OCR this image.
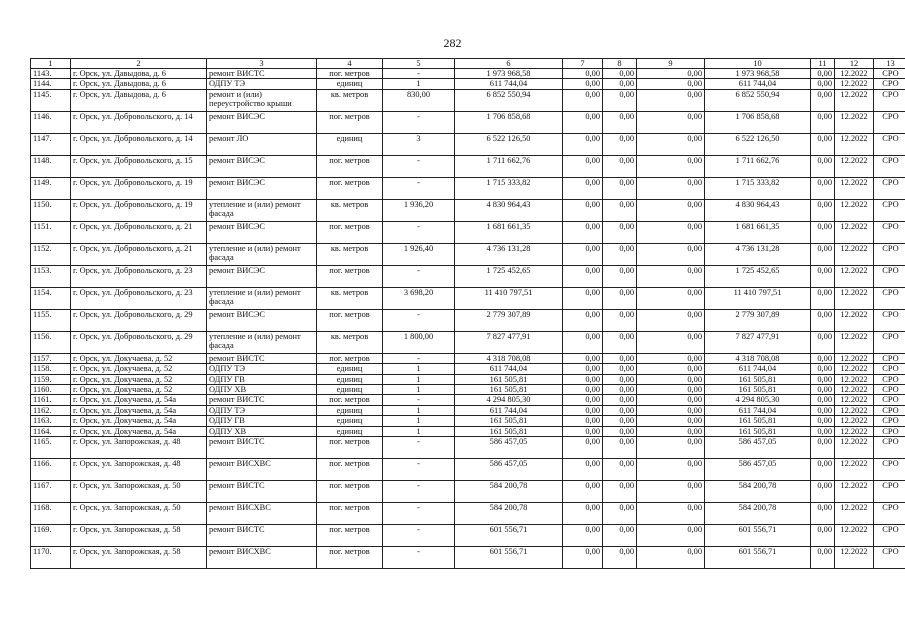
282
1	2	3	4	5	6	7	8	9	10	11	12	13
1143.	г. Орск, ул. Давыдова, д. 6	ремонт ВИСТС	пог. метров	-	1 973 968,58	0,00	0,00	0,00	1 973 968,58	0,00	12.2022	СРО
1144.	г. Орск, ул. Давыдова, д. 6	ОДПУ ТЭ	единиц	1	611 744,04	0,00	0,00	0,00	611 744,04	0,00	12.2022	СРО
1145.	г. Орск, ул. Давыдова, д. 6	ремонт и (или) переустройство крыши	кв. метров	830,00	6 852 550,94	0,00	0,00	0,00	6 852 550,94	0,00	12.2022	СРО
1146.	г. Орск, ул. Добровольского, д. 14	ремонт ВИСЭС	пог. метров	-	1 706 858,68	0,00	0,00	0,00	1 706 858,68	0,00	12.2022	СРО
1147.	г. Орск, ул. Добровольского, д. 14	ремонт ЛО	единиц	3	6 522 126,50	0,00	0,00	0,00	6 522 126,50	0,00	12.2022	СРО
1148.	г. Орск, ул. Добровольского, д. 15	ремонт ВИСЭС	пог. метров	-	1 711 662,76	0,00	0,00	0,00	1 711 662,76	0,00	12.2022	СРО
1149.	г. Орск, ул. Добровольского, д. 19	ремонт ВИСЭС	пог. метров	-	1 715 333,82	0,00	0,00	0,00	1 715 333,82	0,00	12.2022	СРО
1150.	г. Орск, ул. Добровольского, д. 19	утепление и (или) ремонт фасада	кв. метров	1 936,20	4 830 964,43	0,00	0,00	0,00	4 830 964,43	0,00	12.2022	СРО
1151.	г. Орск, ул. Добровольского, д. 21	ремонт ВИСЭС	пог. метров	-	1 681 661,35	0,00	0,00	0,00	1 681 661,35	0,00	12.2022	СРО
1152.	г. Орск, ул. Добровольского, д. 21	утепление и (или) ремонт фасада	кв. метров	1 926,40	4 736 131,28	0,00	0,00	0,00	4 736 131,28	0,00	12.2022	СРО
1153.	г. Орск, ул. Добровольского, д. 23	ремонт ВИСЭС	пог. метров	-	1 725 452,65	0,00	0,00	0,00	1 725 452,65	0,00	12.2022	СРО
1154.	г. Орск, ул. Добровольского, д. 23	утепление и (или) ремонт фасада	кв. метров	3 698,20	11 410 797,51	0,00	0,00	0,00	11 410 797,51	0,00	12.2022	СРО
1155.	г. Орск, ул. Добровольского, д. 29	ремонт ВИСЭС	пог. метров	-	2 779 307,89	0,00	0,00	0,00	2 779 307,89	0,00	12.2022	СРО
1156.	г. Орск, ул. Добровольского, д. 29	утепление и (или) ремонт фасада	кв. метров	1 800,00	7 827 477,91	0,00	0,00	0,00	7 827 477,91	0,00	12.2022	СРО
1157.	г. Орск, ул. Докучаева, д. 52	ремонт ВИСТС	пог. метров	-	4 318 708,08	0,00	0,00	0,00	4 318 708,08	0,00	12.2022	СРО
1158.	г. Орск, ул. Докучаева, д. 52	ОДПУ ТЭ	единиц	1	611 744,04	0,00	0,00	0,00	611 744,04	0,00	12.2022	СРО
1159.	г. Орск, ул. Докучаева, д. 52	ОДПУ ГВ	единиц	1	161 505,81	0,00	0,00	0,00	161 505,81	0,00	12.2022	СРО
1160.	г. Орск, ул. Докучаева, д. 52	ОДПУ ХВ	единиц	1	161 505,81	0,00	0,00	0,00	161 505,81	0,00	12.2022	СРО
1161.	г. Орск, ул. Докучаева, д. 54а	ремонт ВИСТС	пог. метров	-	4 294 805,30	0,00	0,00	0,00	4 294 805,30	0,00	12.2022	СРО
1162.	г. Орск, ул. Докучаева, д. 54а	ОДПУ ТЭ	единиц	1	611 744,04	0,00	0,00	0,00	611 744,04	0,00	12.2022	СРО
1163.	г. Орск, ул. Докучаева, д. 54а	ОДПУ ГВ	единиц	1	161 505,81	0,00	0,00	0,00	161 505,81	0,00	12.2022	СРО
1164.	г. Орск, ул. Докучаева, д. 54а	ОДПУ ХВ	единиц	1	161 505,81	0,00	0,00	0,00	161 505,81	0,00	12.2022	СРО
1165.	г. Орск, ул. Запорожская, д. 48	ремонт ВИСТС	пог. метров	-	586 457,05	0,00	0,00	0,00	586 457,05	0,00	12.2022	СРО
1166.	г. Орск, ул. Запорожская, д. 48	ремонт ВИСХВС	пог. метров	-	586 457,05	0,00	0,00	0,00	586 457,05	0,00	12.2022	СРО
1167.	г. Орск, ул. Запорожская, д. 50	ремонт ВИСТС	пог. метров	-	584 200,78	0,00	0,00	0,00	584 200,78	0,00	12.2022	СРО
1168.	г. Орск, ул. Запорожская, д. 50	ремонт ВИСХВС	пог. метров	-	584 200,78	0,00	0,00	0,00	584 200,78	0,00	12.2022	СРО
1169.	г. Орск, ул. Запорожская, д. 58	ремонт ВИСТС	пог. метров	-	601 556,71	0,00	0,00	0,00	601 556,71	0,00	12.2022	СРО
1170.	г. Орск, ул. Запорожская, д. 58	ремонт ВИСХВС	пог. метров	-	601 556,71	0,00	0,00	0,00	601 556,71	0,00	12.2022	СРО
